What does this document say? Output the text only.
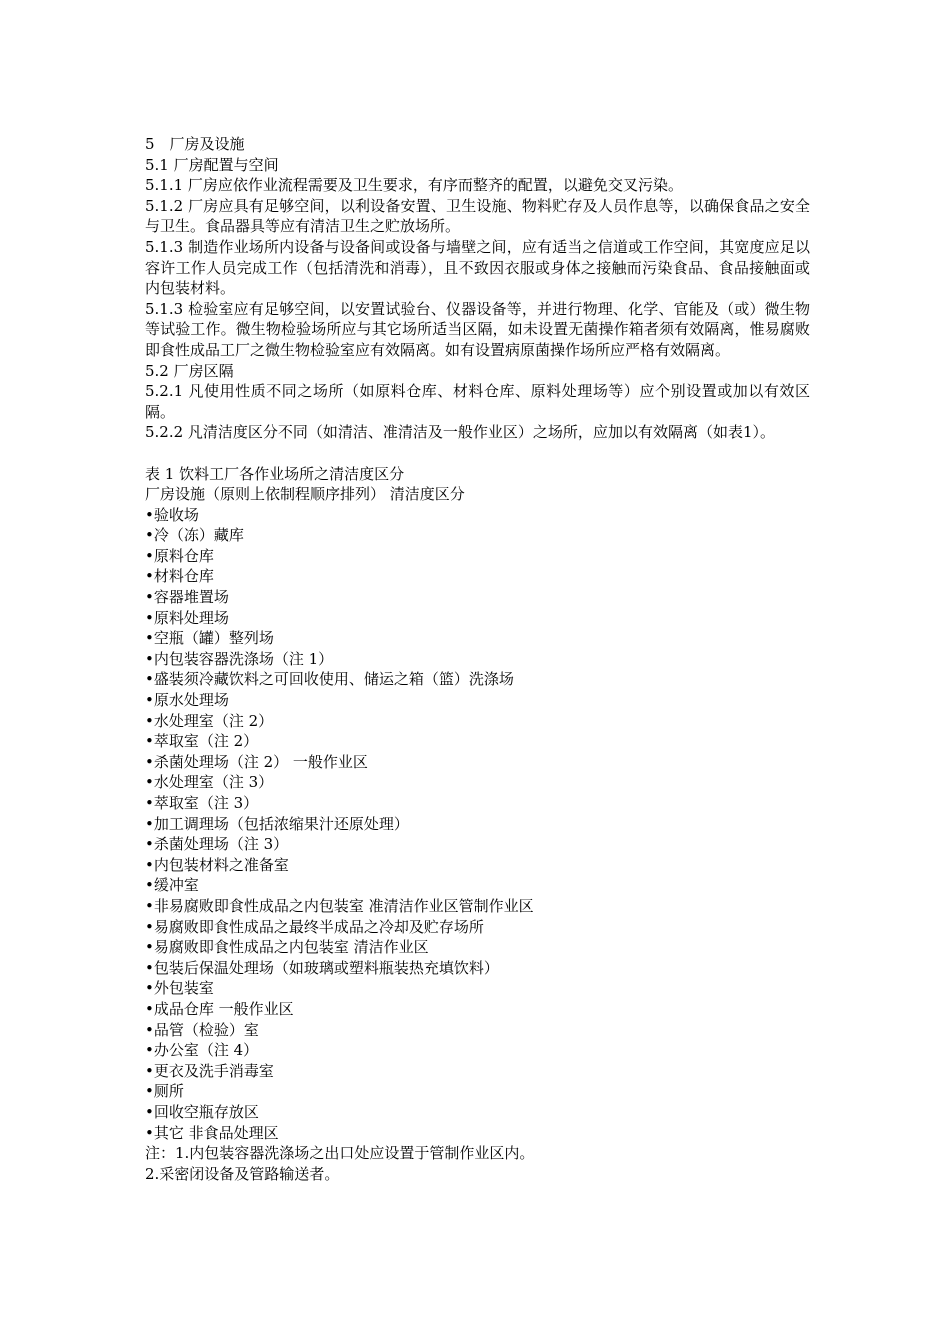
5　厂房及设施

5.1 厂房配置与空间

5.1.1 厂房应依作业流程需要及卫生要求，有序而整齐的配置，以避免交叉污染。

5.1.2 厂房应具有足够空间，以利设备安置、卫生设施、物料贮存及人员作息等，以确保食品之安全与卫生。食品器具等应有清洁卫生之贮放场所。

5.1.3 制造作业场所内设备与设备间或设备与墙壁之间，应有适当之信道或工作空间，其宽度应足以容许工作人员完成工作（包括清洗和消毒），且不致因衣服或身体之接触而污染食品、食品接触面或内包装材料。

5.1.3 检验室应有足够空间，以安置试验台、仪器设备等，并进行物理、化学、官能及（或）微生物等试验工作。微生物检验场所应与其它场所适当区隔，如未设置无菌操作箱者须有效隔离，惟易腐败即食性成品工厂之微生物检验室应有效隔离。如有设置病原菌操作场所应严格有效隔离。

5.2 厂房区隔

5.2.1 凡使用性质不同之场所（如原料仓库、材料仓库、原料处理场等）应个别设置或加以有效区隔。

5.2.2 凡清洁度区分不同（如清洁、准清洁及一般作业区）之场所，应加以有效隔离（如表1）。

表 1 饮料工厂各作业场所之清洁度区分

厂房设施（原则上依制程顺序排列） 清洁度区分

•验收场

•冷（冻）藏库

•原料仓库

•材料仓库

•容器堆置场

•原料处理场

•空瓶（罐）整列场

•内包装容器洗涤场（注 1）

•盛装须冷藏饮料之可回收使用、储运之箱（篮）洗涤场

•原水处理场

•水处理室（注 2）

•萃取室（注 2）

•杀菌处理场（注 2） 一般作业区

•水处理室（注 3）

•萃取室（注 3）

•加工调理场（包括浓缩果汁还原处理）

•杀菌处理场（注 3）

•内包装材料之准备室

•缓冲室

•非易腐败即食性成品之内包装室 准清洁作业区管制作业区

•易腐败即食性成品之最终半成品之冷却及贮存场所

•易腐败即食性成品之内包装室 清洁作业区

•包装后保温处理场（如玻璃或塑料瓶装热充填饮料）

•外包装室

•成品仓库 一般作业区

•品管（检验）室

•办公室（注 4）

•更衣及洗手消毒室

•厕所

•回收空瓶存放区

•其它 非食品处理区

注：1.内包装容器洗涤场之出口处应设置于管制作业区内。

2.采密闭设备及管路输送者。
